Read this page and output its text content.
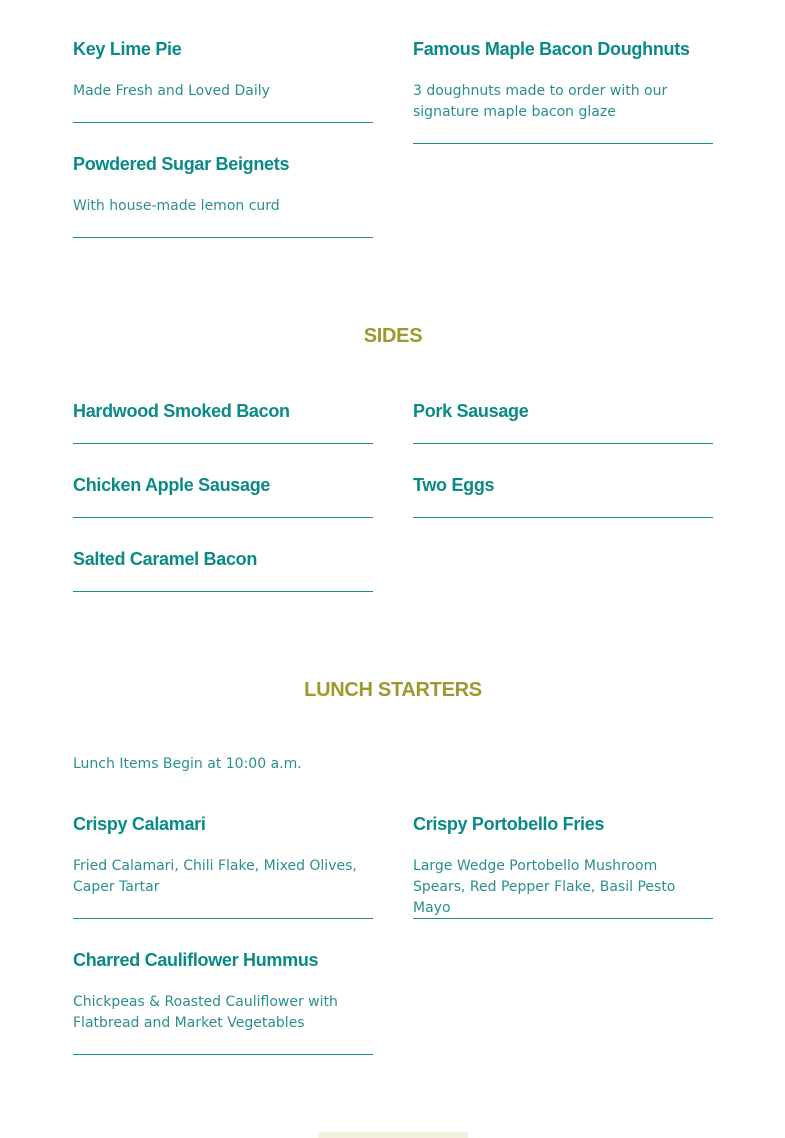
Key Lime Pie
Made Fresh and Loved Daily
Powdered Sugar Beignets
With house-made lemon curd
Famous Maple Bacon Doughnuts
3 doughnuts made to order with our signature maple bacon glaze
SIDES
Hardwood Smoked Bacon
Chicken Apple Sausage
Salted Caramel Bacon
Pork Sausage
Two Eggs
LUNCH STARTERS
Lunch Items Begin at 10:00 a.m.
Crispy Calamari
Fried Calamari, Chili Flake, Mixed Olives, Caper Tartar
Charred Cauliflower Hummus
Chickpeas & Roasted Cauliflower with Flatbread and Market Vegetables
Crispy Portobello Fries
Large Wedge Portobello Mushroom Spears, Red Pepper Flake, Basil Pesto Mayo
